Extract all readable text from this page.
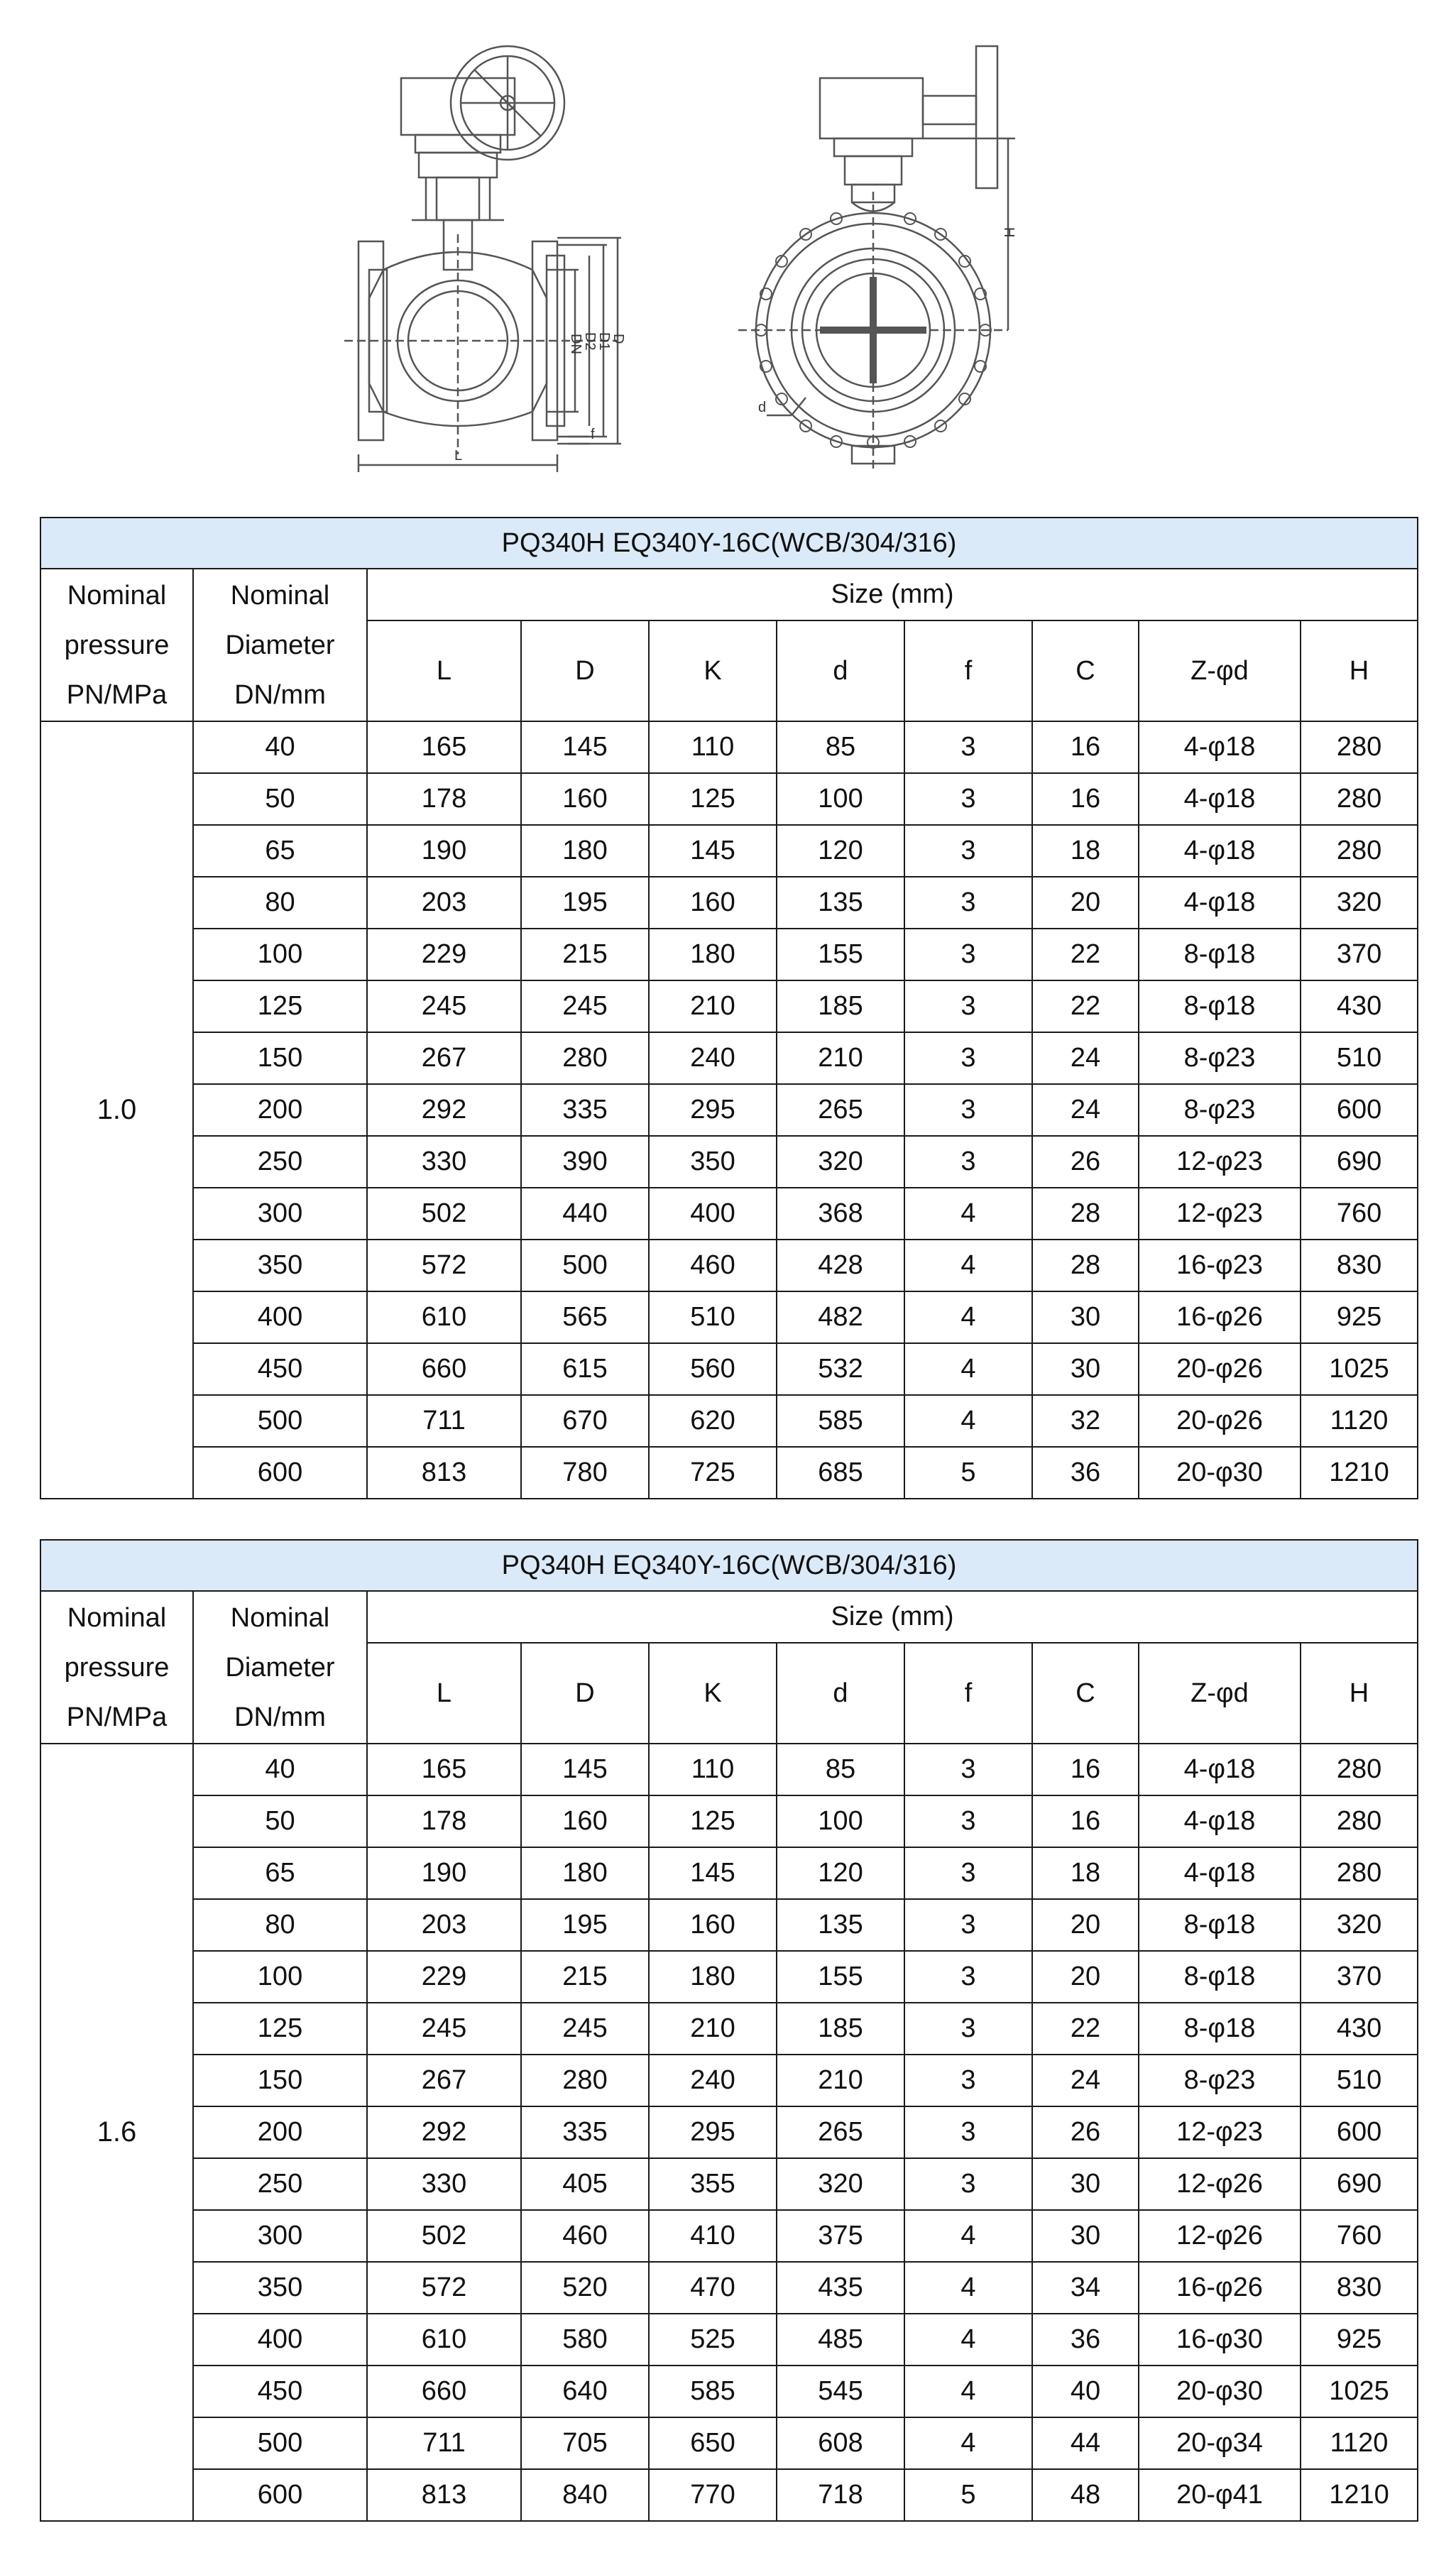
DN
D2
D1
D
L
f
H
d
PQ340H EQ340Y-16C(WCB/304/316)									
Nominal
pressure
PN/MPa	Nominal
Diameter
DN/mm	Size (mm)							
		L	D	K	d	f	C	Z-φd	H
1.0	40	165	145	110	85	3	16	4-φ18	280
	50	178	160	125	100	3	16	4-φ18	280
	65	190	180	145	120	3	18	4-φ18	280
	80	203	195	160	135	3	20	4-φ18	320
	100	229	215	180	155	3	22	8-φ18	370
	125	245	245	210	185	3	22	8-φ18	430
	150	267	280	240	210	3	24	8-φ23	510
	200	292	335	295	265	3	24	8-φ23	600
	250	330	390	350	320	3	26	12-φ23	690
	300	502	440	400	368	4	28	12-φ23	760
	350	572	500	460	428	4	28	16-φ23	830
	400	610	565	510	482	4	30	16-φ26	925
	450	660	615	560	532	4	30	20-φ26	1025
	500	711	670	620	585	4	32	20-φ26	1120
	600	813	780	725	685	5	36	20-φ30	1210
PQ340H EQ340Y-16C(WCB/304/316)									
Nominal
pressure
PN/MPa	Nominal
Diameter
DN/mm	Size (mm)							
		L	D	K	d	f	C	Z-φd	H
1.6	40	165	145	110	85	3	16	4-φ18	280
	50	178	160	125	100	3	16	4-φ18	280
	65	190	180	145	120	3	18	4-φ18	280
	80	203	195	160	135	3	20	8-φ18	320
	100	229	215	180	155	3	20	8-φ18	370
	125	245	245	210	185	3	22	8-φ18	430
	150	267	280	240	210	3	24	8-φ23	510
	200	292	335	295	265	3	26	12-φ23	600
	250	330	405	355	320	3	30	12-φ26	690
	300	502	460	410	375	4	30	12-φ26	760
	350	572	520	470	435	4	34	16-φ26	830
	400	610	580	525	485	4	36	16-φ30	925
	450	660	640	585	545	4	40	20-φ30	1025
	500	711	705	650	608	4	44	20-φ34	1120
	600	813	840	770	718	5	48	20-φ41	1210
